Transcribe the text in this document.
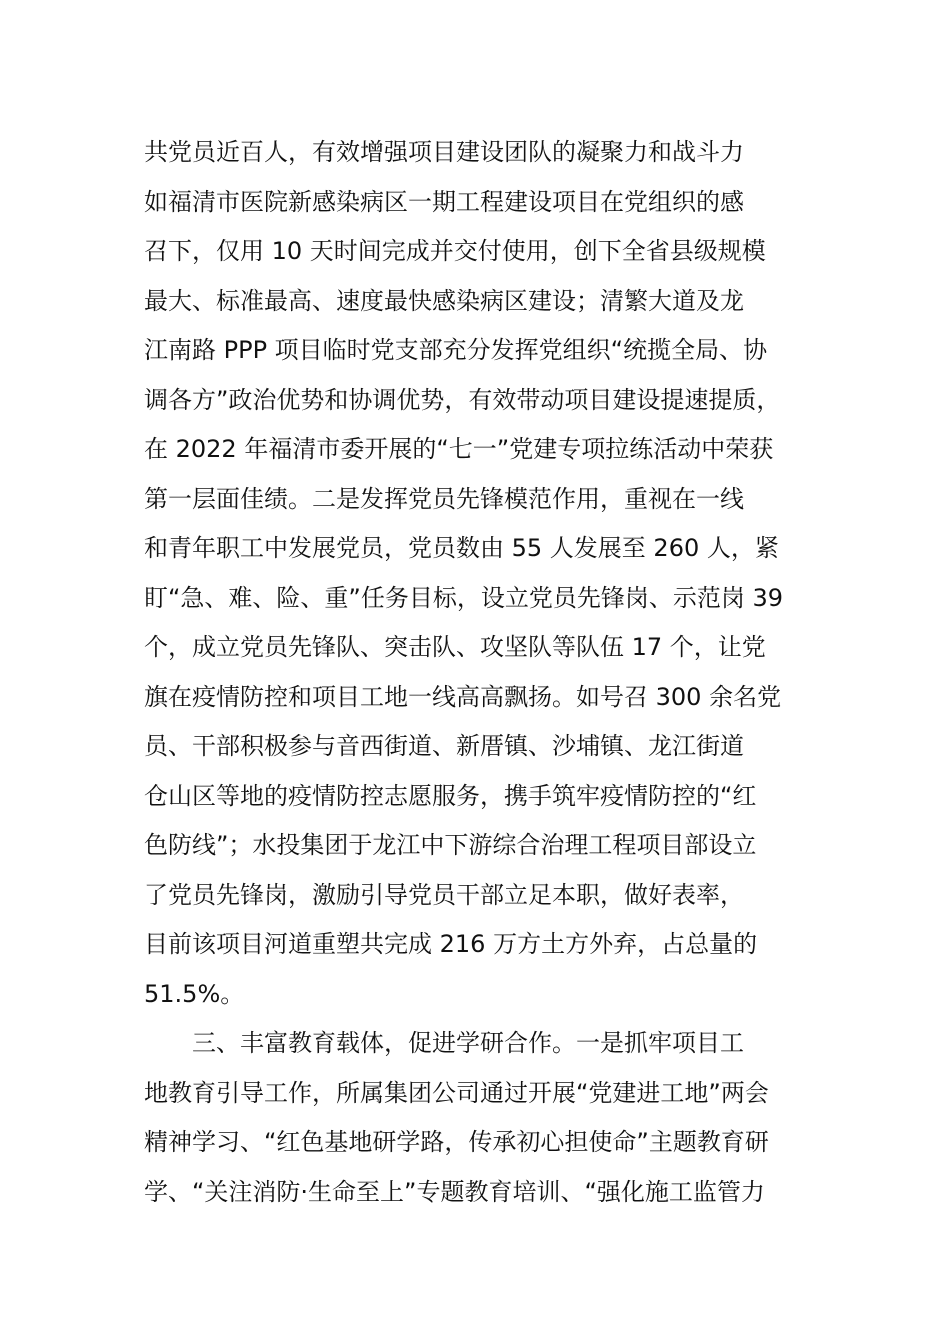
共党员近百人，有效增强项目建设团队的凝聚力和战斗力
如福清市医院新感染病区一期工程建设项目在党组织的感
召下，仅用 10 天时间完成并交付使用，创下全省县级规模
最大、标准最高、速度最快感染病区建设；清繁大道及龙
江南路 PPP 项目临时党支部充分发挥党组织“统揽全局、协
调各方”政治优势和协调优势，有效带动项目建设提速提质，
在 2022 年福清市委开展的“七一”党建专项拉练活动中荣获
第一层面佳绩。二是发挥党员先锋模范作用，重视在一线
和青年职工中发展党员，党员数由 55 人发展至 260 人，紧
盯“急、难、险、重”任务目标，设立党员先锋岗、示范岗 39
个，成立党员先锋队、突击队、攻坚队等队伍 17 个，让党
旗在疫情防控和项目工地一线高高飘扬。如号召 300 余名党
员、干部积极参与音西街道、新厝镇、沙埔镇、龙江街道
仓山区等地的疫情防控志愿服务，携手筑牢疫情防控的“红
色防线”；水投集团于龙江中下游综合治理工程项目部设立
了党员先锋岗，激励引导党员干部立足本职，做好表率，
目前该项目河道重塑共完成 216 万方土方外弃，占总量的
51.5%。
三、丰富教育载体，促进学研合作。一是抓牢项目工
地教育引导工作，所属集团公司通过开展“党建进工地”两会
精神学习、“红色基地研学路，传承初心担使命”主题教育研
学、“关注消防·生命至上”专题教育培训、“强化施工监管力
